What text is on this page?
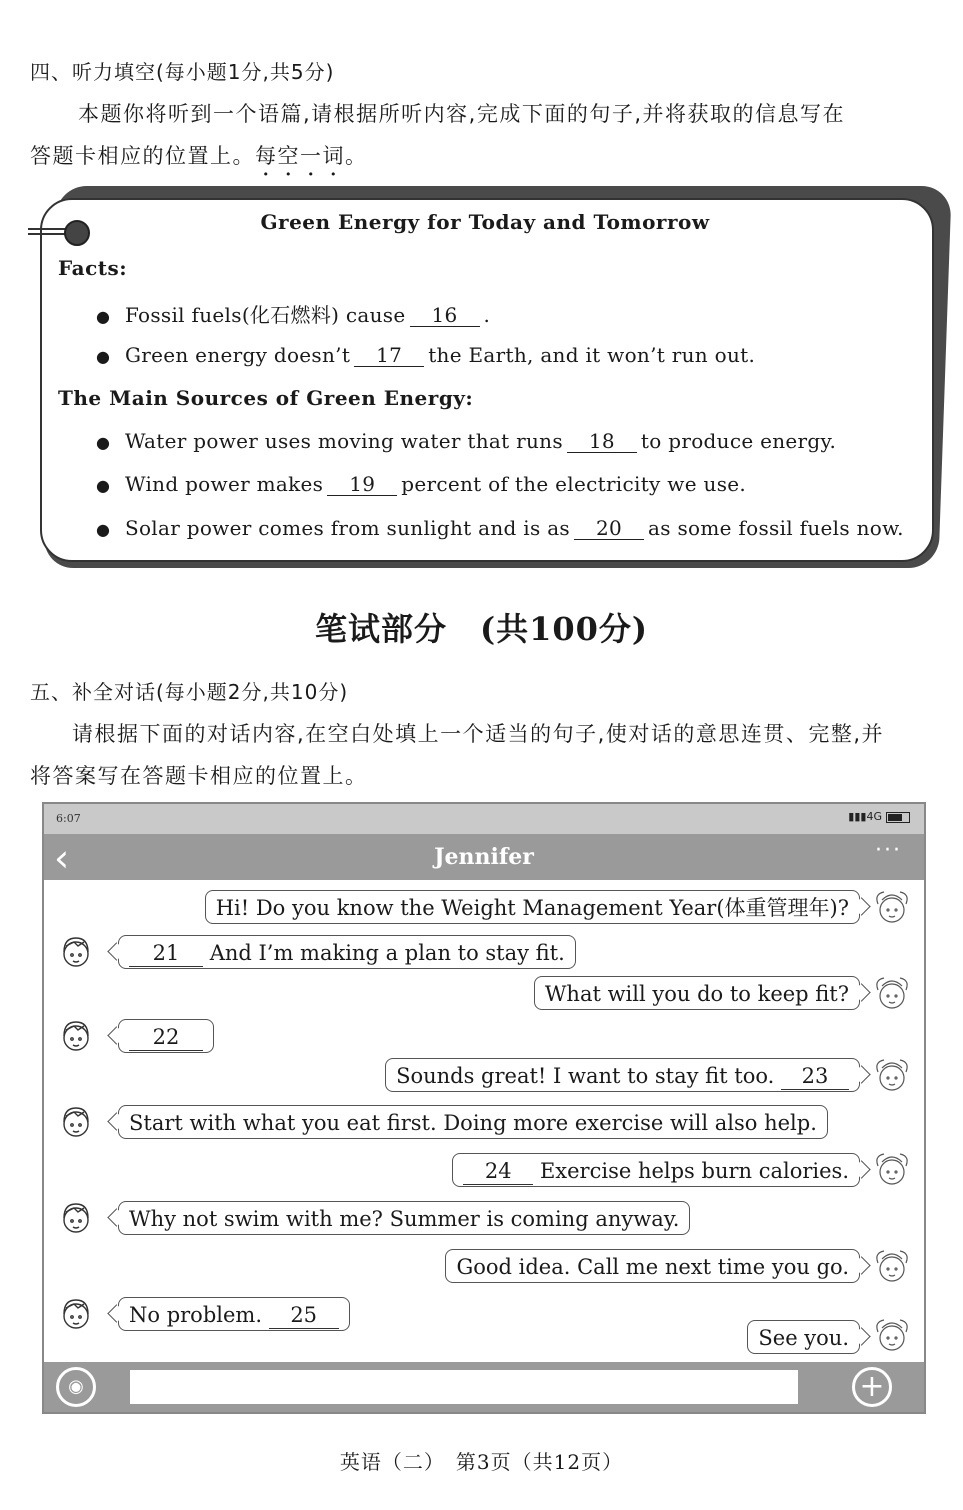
四、听力填空(每小题1分,共5分)
本题你将听到一个语篇,请根据所听内容,完成下面的句子,并将获取的信息写在
答题卡相应的位置上。每空一词。
Green Energy for Today and Tomorrow
Facts:
● Fossil fuels(化石燃料) cause 16 .
● Green energy doesn’t 17 the Earth, and it won’t run out.
The Main Sources of Green Energy:
● Water power uses moving water that runs 18 to produce energy.
● Wind power makes 19 percent of the electricity we use.
● Solar power comes from sunlight and is as 20 as some fossil fuels now.
笔试部分　(共100分)
五、补全对话(每小题2分,共10分)
请根据下面的对话内容,在空白处填上一个适当的句子,使对话的意思连贯、完整,并
将答案写在答题卡相应的位置上。
6:07	▮▮▮4G
‹	Jennifer	···
Hi! Do you know the Weight Management Year(体重管理年)?
21 And I’m making a plan to stay fit.
What will you do to keep fit?
22
Sounds great! I want to stay fit too. 23
Start with what you eat first. Doing more exercise will also help.
24 Exercise helps burn calories.
Why not swim with me? Summer is coming anyway.
Good idea. Call me next time you go.
No problem. 25
See you.
◉	+
英语（二）　第3页（共12页）
